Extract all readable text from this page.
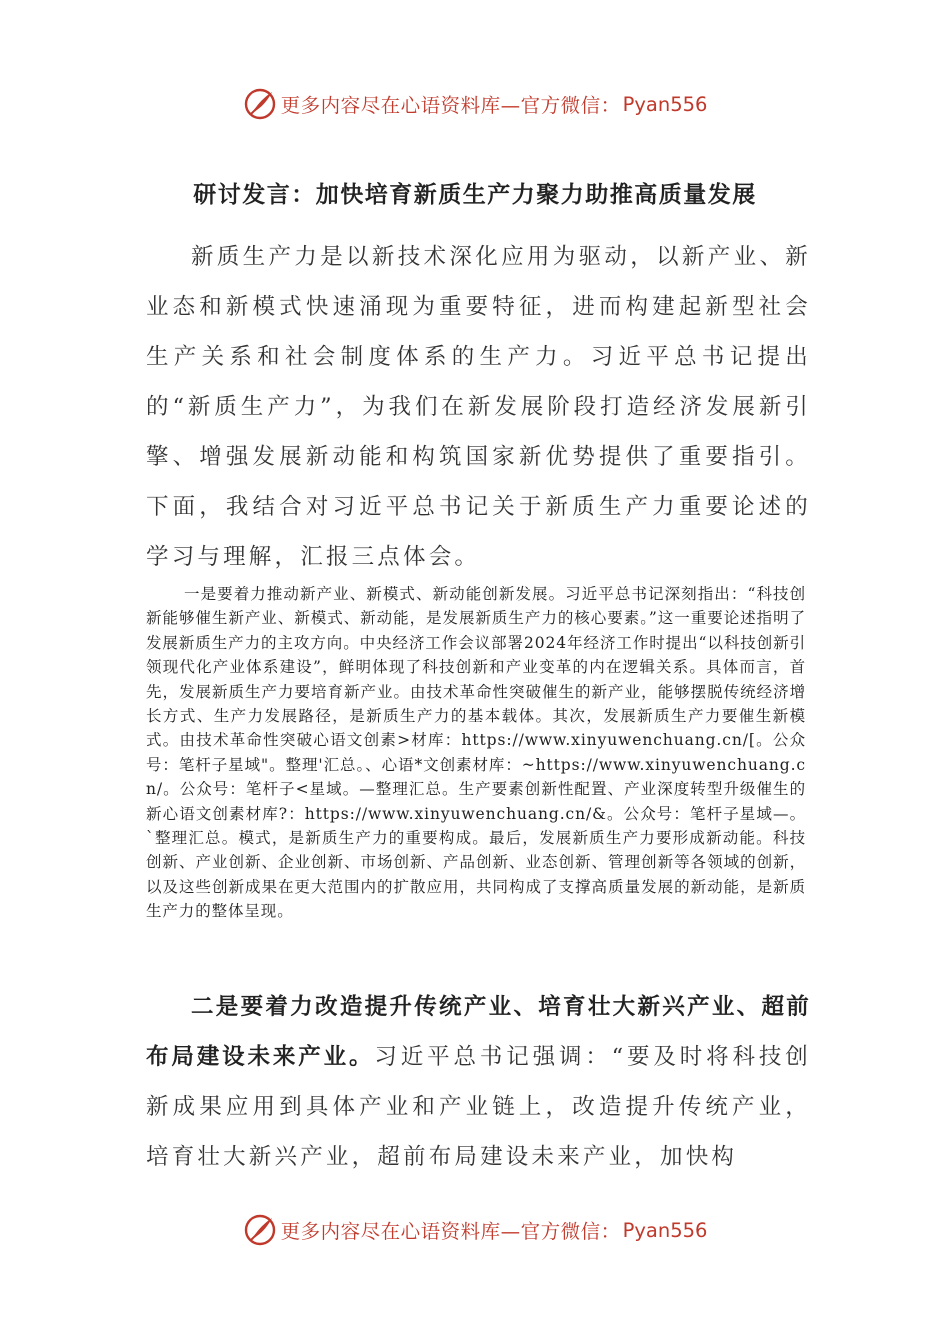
更多内容尽在心语资料库—官方微信： Pyan556
研讨发言：加快培育新质生产力聚力助推高质量发展

新质生产力是以新技术深化应用为驱动，以新产业、新业态和新模式快速涌现为重要特征，进而构建起新型社会生产关系和社会制度体系的生产力。习近平总书记提出的“新质生产力”，为我们在新发展阶段打造经济发展新引擎、增强发展新动能和构筑国家新优势提供了重要指引。下面，我结合对习近平总书记关于新质生产力重要论述的学习与理解，汇报三点体会。

一是要着力推动新产业、新模式、新动能创新发展。习近平总书记深刻指出：“科技创新能够催生新产业、新模式、新动能，是发展新质生产力的核心要素。”这一重要论述指明了发展新质生产力的主攻方向。中央经济工作会议部署2024年经济工作时提出“以科技创新引领现代化产业体系建设”，鲜明体现了科技创新和产业变革的内在逻辑关系。具体而言，首先，发展新质生产力要培育新产业。由技术革命性突破催生的新产业，能够摆脱传统经济增长方式、生产力发展路径，是新质生产力的基本载体。其次，发展新质生产力要催生新模式。由技术革命性突破心语文创素>材库：https://www.xinyuwenchuang.cn/[。公众号：笔杆子星域"。整理'汇总。、心语*文创素材库：~https://www.xinyuwenchuang.cn/。公众号：笔杆子<星域。—整理汇总。生产要素创新性配置、产业深度转型升级催生的新心语文创素材库?：https://www.xinyuwenchuang.cn/&。公众号：笔杆子星域—。`整理汇总。模式，是新质生产力的重要构成。最后，发展新质生产力要形成新动能。科技创新、产业创新、企业创新、市场创新、产品创新、业态创新、管理创新等各领域的创新，以及这些创新成果在更大范围内的扩散应用，共同构成了支撑高质量发展的新动能，是新质生产力的整体呈现。

二是要着力改造提升传统产业、培育壮大新兴产业、超前布局建设未来产业。习近平总书记强调：“要及时将科技创新成果应用到具体产业和产业链上，改造提升传统产业，培育壮大新兴产业，超前布局建设未来产业，加快构

更多内容尽在心语资料库—官方微信： Pyan556
